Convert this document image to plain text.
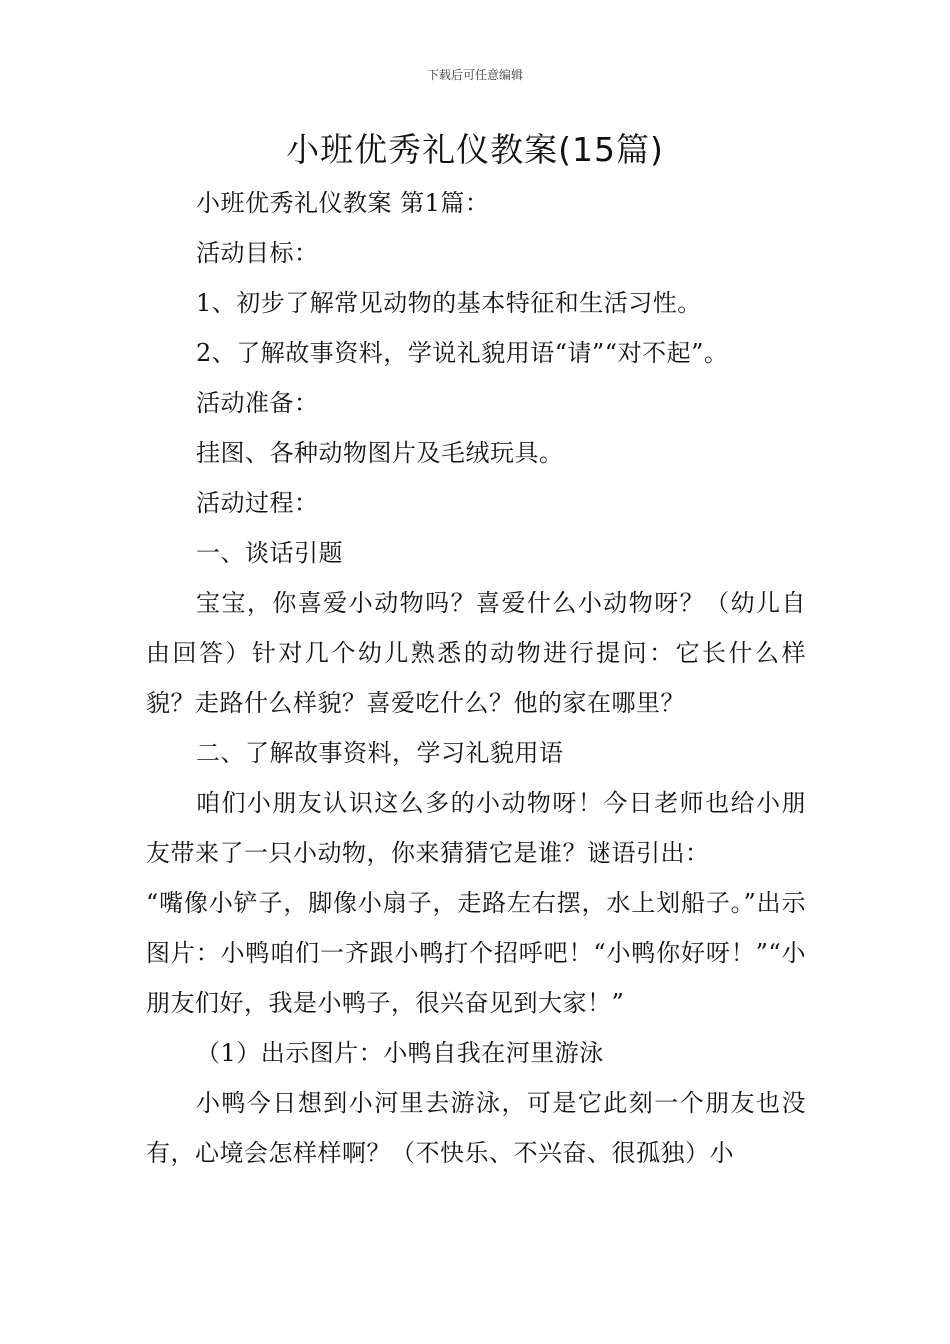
下载后可任意编辑
小班优秀礼仪教案(15篇)

小班优秀礼仪教案 第1篇：

活动目标：

1、初步了解常见动物的基本特征和生活习性。

2、了解故事资料，学说礼貌用语“请”“对不起”。

活动准备：

挂图、各种动物图片及毛绒玩具。

活动过程：

一、谈话引题

宝宝，你喜爱小动物吗？喜爱什么小动物呀？（幼儿自由回答）针对几个幼儿熟悉的动物进行提问：它长什么样貌？走路什么样貌？喜爱吃什么？他的家在哪里？

二、了解故事资料，学习礼貌用语

咱们小朋友认识这么多的小动物呀！今日老师也给小朋友带来了一只小动物，你来猜猜它是谁？谜语引出：

“嘴像小铲子，脚像小扇子，走路左右摆，水上划船子。”出示图片：小鸭咱们一齐跟小鸭打个招呼吧！“小鸭你好呀！”“小朋友们好，我是小鸭子，很兴奋见到大家！”

（1）出示图片：小鸭自我在河里游泳

小鸭今日想到小河里去游泳，可是它此刻一个朋友也没有，心境会怎样样啊？（不快乐、不兴奋、很孤独）小
